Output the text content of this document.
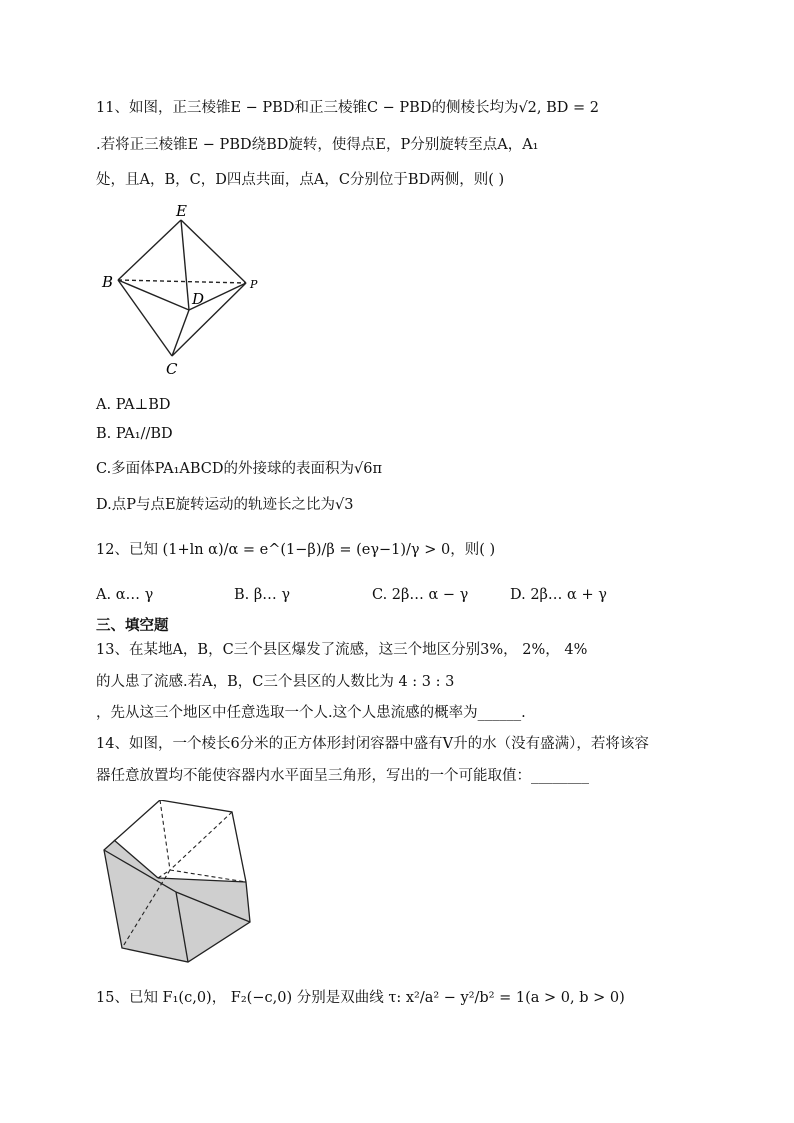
11、如图，正三棱锥E − PBD和正三棱锥C − PBD的侧棱长均为√2, BD = 2
.若将正三棱锥E − PBD绕BD旋转，使得点E，P分别旋转至点A，A₁
处，且A，B，C，D四点共面，点A，C分别位于BD两侧，则( )
E
B
D
P
C
A. PA⊥BD
B. PA₁//BD
C.多面体PA₁ABCD的外接球的表面积为√6π
D.点P与点E旋转运动的轨迹长之比为√3
12、已知 (1+ln α)/α = e^(1−β)/β = (eγ−1)/γ > 0，则( )
A. α… γ	B. β… γ	C. 2β… α − γ	D. 2β… α + γ
三、填空题
13、在某地A，B，C三个县区爆发了流感，这三个地区分别3%， 2%， 4%
的人患了流感.若A，B，C三个县区的人数比为 4 : 3 : 3
，先从这三个地区中任意选取一个人.这个人患流感的概率为______.
14、如图，一个棱长6分米的正方体形封闭容器中盛有V升的水（没有盛满），若将该容
器任意放置均不能使容器内水平面呈三角形，写出的一个可能取值：________
15、已知 F₁(c,0)， F₂(−c,0) 分别是双曲线 τ: x²/a² − y²/b² = 1(a > 0, b > 0)
